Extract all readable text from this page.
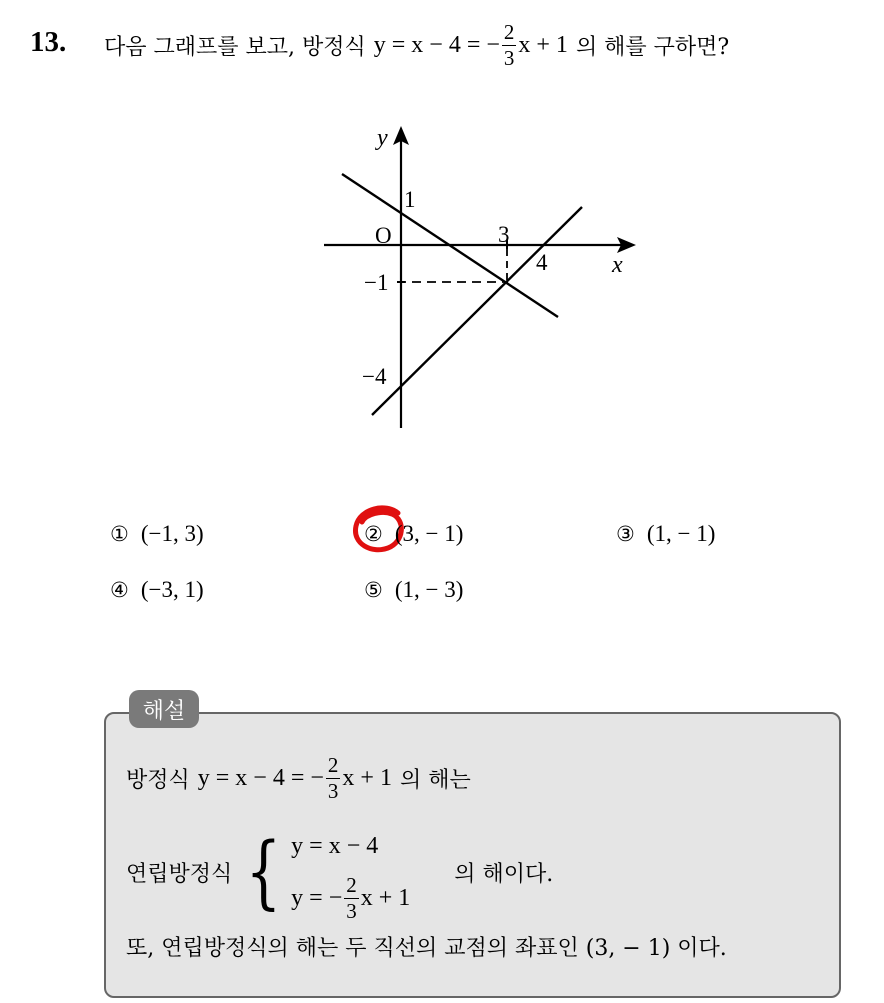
13. 다음 그래프를 보고, 방정식 y = x − 4 = − $\frac{2}{3}$ x + 1 의 해를 구하면?
y
x
O
1
3
4
−1
−4
① (−1, 3)	② (3, − 1)	③ (1, − 1)
④ (−3, 1)	⑤ (1, − 3)
해설
방정식 y = x − 4 = − $\frac{2}{3}$ x + 1 의 해는
연립방정식 { y = x − 4
y = − $\frac{2}{3}$ x + 1
의 해이다.
또, 연립방정식의 해는 두 직선의 교점의 좌표인 (3, − 1) 이다.
